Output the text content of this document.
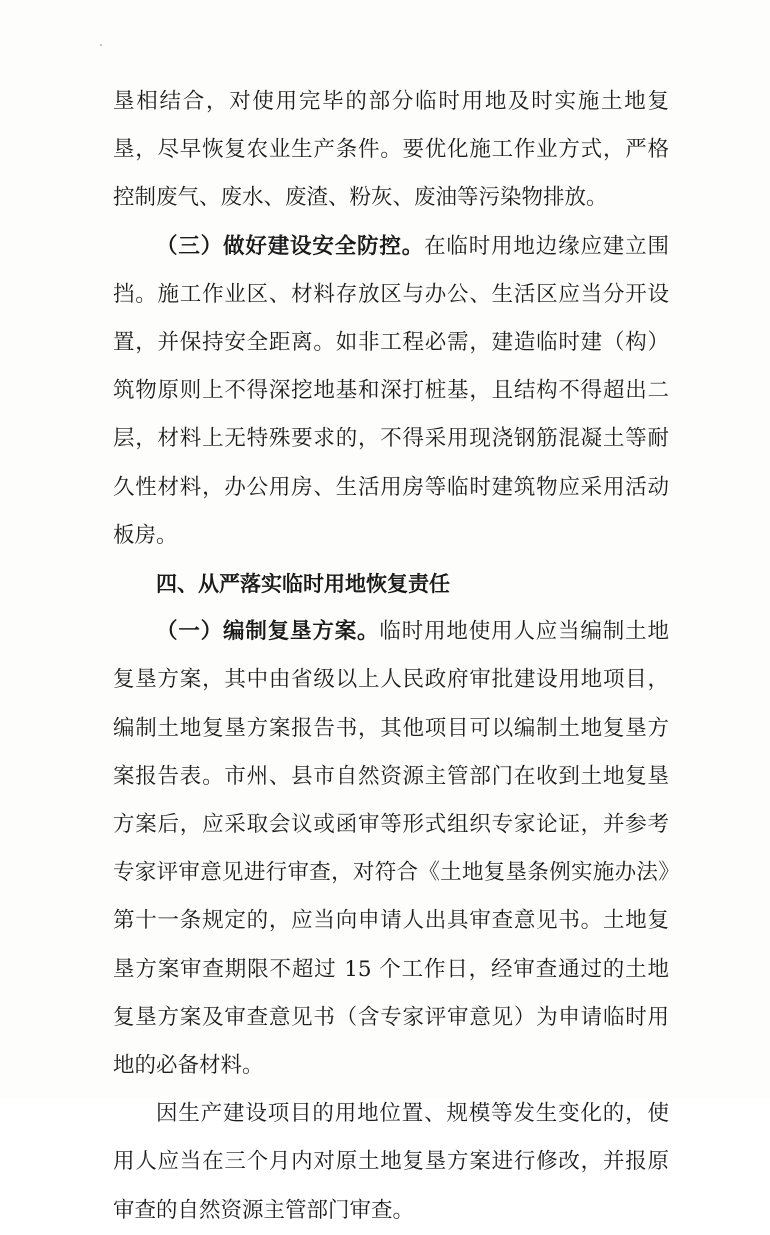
垦相结合，对使用完毕的部分临时用地及时实施土地复垦，尽早恢复农业生产条件。要优化施工作业方式，严格控制废气、废水、废渣、粉灰、废油等污染物排放。

（三）做好建设安全防控。在临时用地边缘应建立围挡。施工作业区、材料存放区与办公、生活区应当分开设置，并保持安全距离。如非工程必需，建造临时建（构）筑物原则上不得深挖地基和深打桩基，且结构不得超出二层，材料上无特殊要求的，不得采用现浇钢筋混凝土等耐久性材料，办公用房、生活用房等临时建筑物应采用活动板房。

四、从严落实临时用地恢复责任

（一）编制复垦方案。临时用地使用人应当编制土地复垦方案，其中由省级以上人民政府审批建设用地项目，编制土地复垦方案报告书，其他项目可以编制土地复垦方案报告表。市州、县市自然资源主管部门在收到土地复垦方案后，应采取会议或函审等形式组织专家论证，并参考专家评审意见进行审查，对符合《土地复垦条例实施办法》第十一条规定的，应当向申请人出具审查意见书。土地复垦方案审查期限不超过 15 个工作日，经审查通过的土地复垦方案及审查意见书（含专家评审意见）为申请临时用地的必备材料。

因生产建设项目的用地位置、规模等发生变化的，使用人应当在三个月内对原土地复垦方案进行修改，并报原审查的自然资源主管部门审查。
